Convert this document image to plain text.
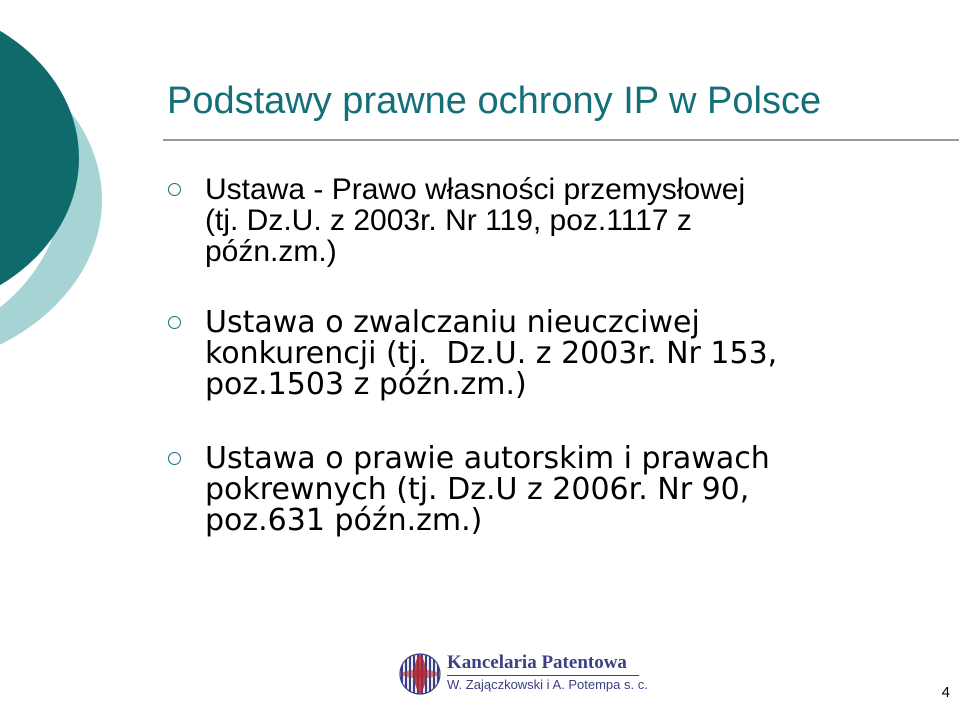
Podstawy prawne ochrony IP w Polsce
Ustawa - Prawo własności przemysłowej
(tj. Dz.U. z 2003r. Nr 119, poz.1117 z
późn.zm.)
Ustawa o zwalczaniu nieuczciwej
konkurencji (tj.  Dz.U. z 2003r. Nr 153,
poz.1503 z późn.zm.)
Ustawa o prawie autorskim i prawach
pokrewnych (tj. Dz.U z 2006r. Nr 90,
poz.631 późn.zm.)
Kancelaria Patentowa
W. Zajączkowski i A. Potempa s. c.	4
